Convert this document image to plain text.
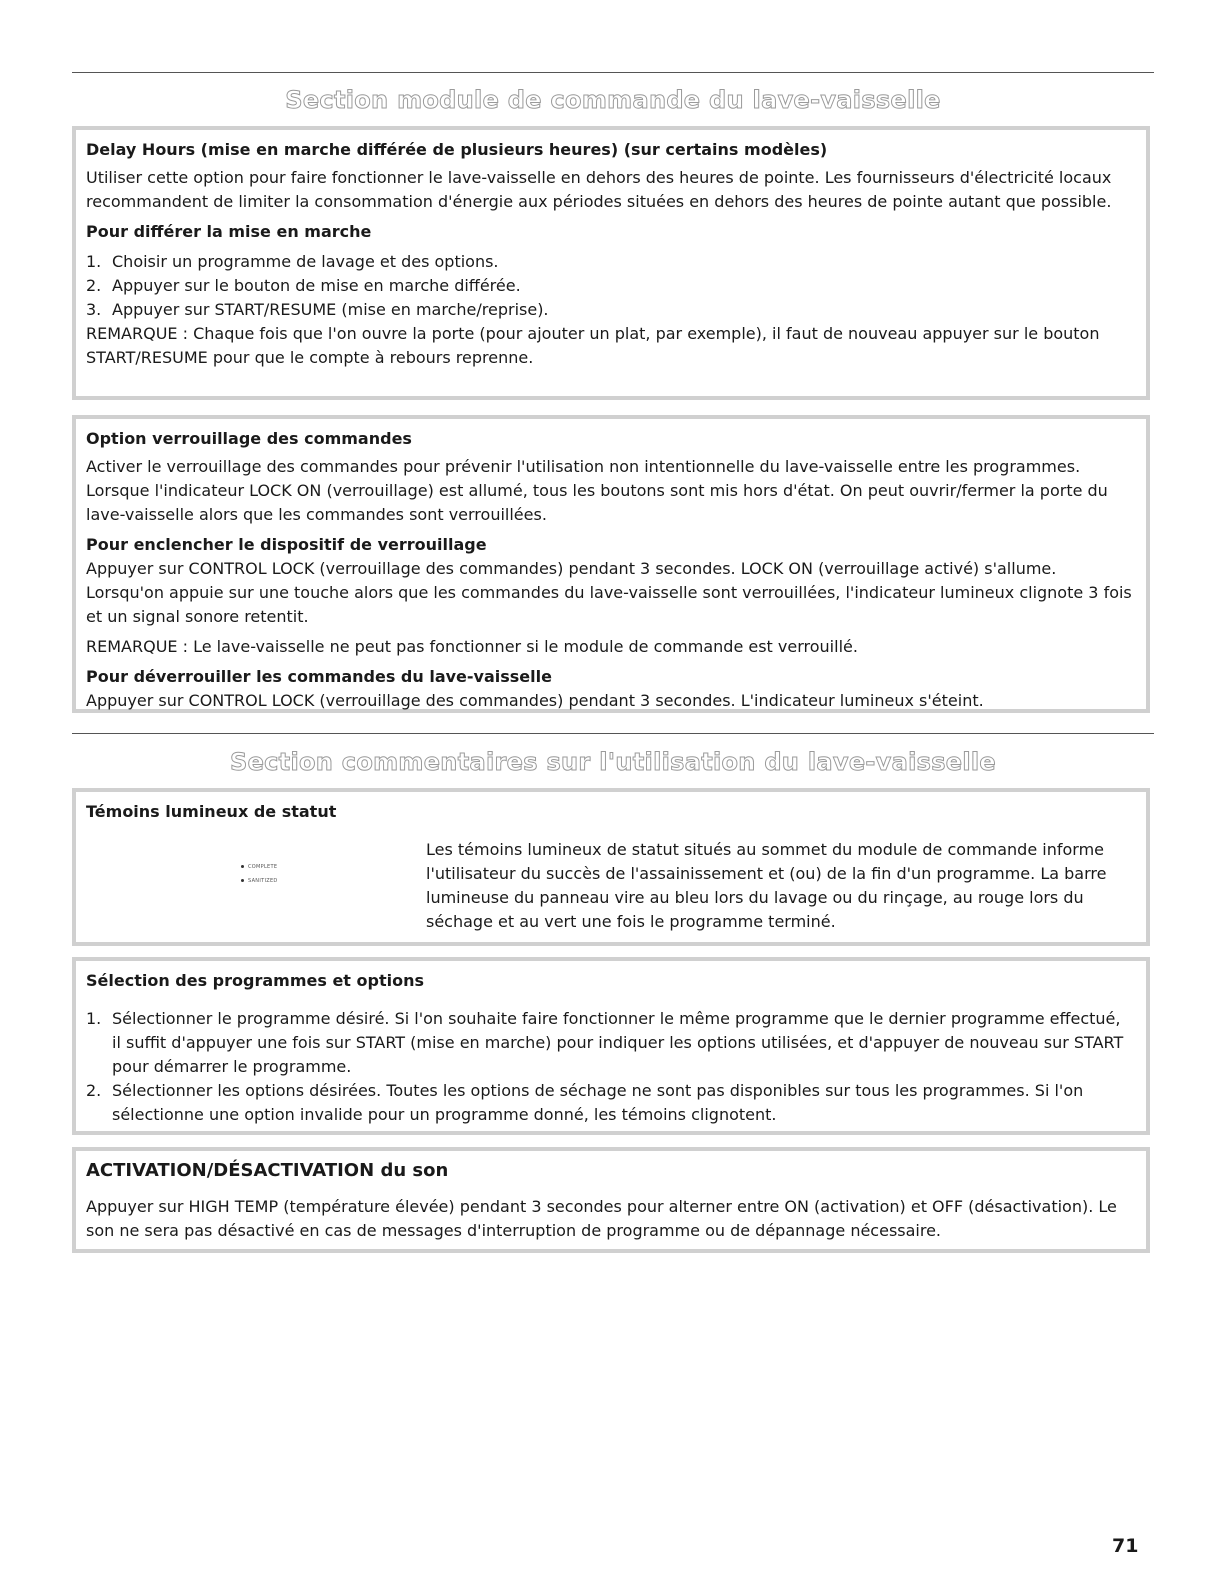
Section module de commande du lave-vaisselle
Delay Hours (mise en marche différée de plusieurs heures) (sur certains modèles)

Utiliser cette option pour faire fonctionner le lave-vaisselle en dehors des heures de pointe. Les fournisseurs d'électricité locaux recommandent de limiter la consommation d'énergie aux périodes situées en dehors des heures de pointe autant que possible.

Pour différer la mise en marche
1. Choisir un programme de lavage et des options.
2. Appuyer sur le bouton de mise en marche différée.
3. Appuyer sur START/RESUME (mise en marche/reprise).

REMARQUE : Chaque fois que l'on ouvre la porte (pour ajouter un plat, par exemple), il faut de nouveau appuyer sur le bouton START/RESUME pour que le compte à rebours reprenne.

Option verrouillage des commandes

Activer le verrouillage des commandes pour prévenir l'utilisation non intentionnelle du lave-vaisselle entre les programmes. Lorsque l'indicateur LOCK ON (verrouillage) est allumé, tous les boutons sont mis hors d'état. On peut ouvrir/fermer la porte du lave-vaisselle alors que les commandes sont verrouillées.

Pour enclencher le dispositif de verrouillage

Appuyer sur CONTROL LOCK (verrouillage des commandes) pendant 3 secondes. LOCK ON (verrouillage activé) s'allume. Lorsqu'on appuie sur une touche alors que les commandes du lave-vaisselle sont verrouillées, l'indicateur lumineux clignote 3 fois et un signal sonore retentit.

REMARQUE : Le lave-vaisselle ne peut pas fonctionner si le module de commande est verrouillé.

Pour déverrouiller les commandes du lave-vaisselle

Appuyer sur CONTROL LOCK (verrouillage des commandes) pendant 3 secondes. L'indicateur lumineux s'éteint.

Section commentaires sur l'utilisation du lave-vaisselle
Témoins lumineux de statut
COMPLETE
SANITIZED

Les témoins lumineux de statut situés au sommet du module de commande informe l'utilisateur du succès de l'assainissement et (ou) de la fin d'un programme. La barre lumineuse du panneau vire au bleu lors du lavage ou du rinçage, au rouge lors du séchage et au vert une fois le programme terminé.

Sélection des programmes et options
1. Sélectionner le programme désiré. Si l'on souhaite faire fonctionner le même programme que le dernier programme effectué, il suffit d'appuyer une fois sur START (mise en marche) pour indiquer les options utilisées, et d'appuyer de nouveau sur START pour démarrer le programme.
2. Sélectionner les options désirées. Toutes les options de séchage ne sont pas disponibles sur tous les programmes. Si l'on sélectionne une option invalide pour un programme donné, les témoins clignotent.
ACTIVATION/DÉSACTIVATION du son

Appuyer sur HIGH TEMP (température élevée) pendant 3 secondes pour alterner entre ON (activation) et OFF (désactivation). Le son ne sera pas désactivé en cas de messages d'interruption de programme ou de dépannage nécessaire.

71
